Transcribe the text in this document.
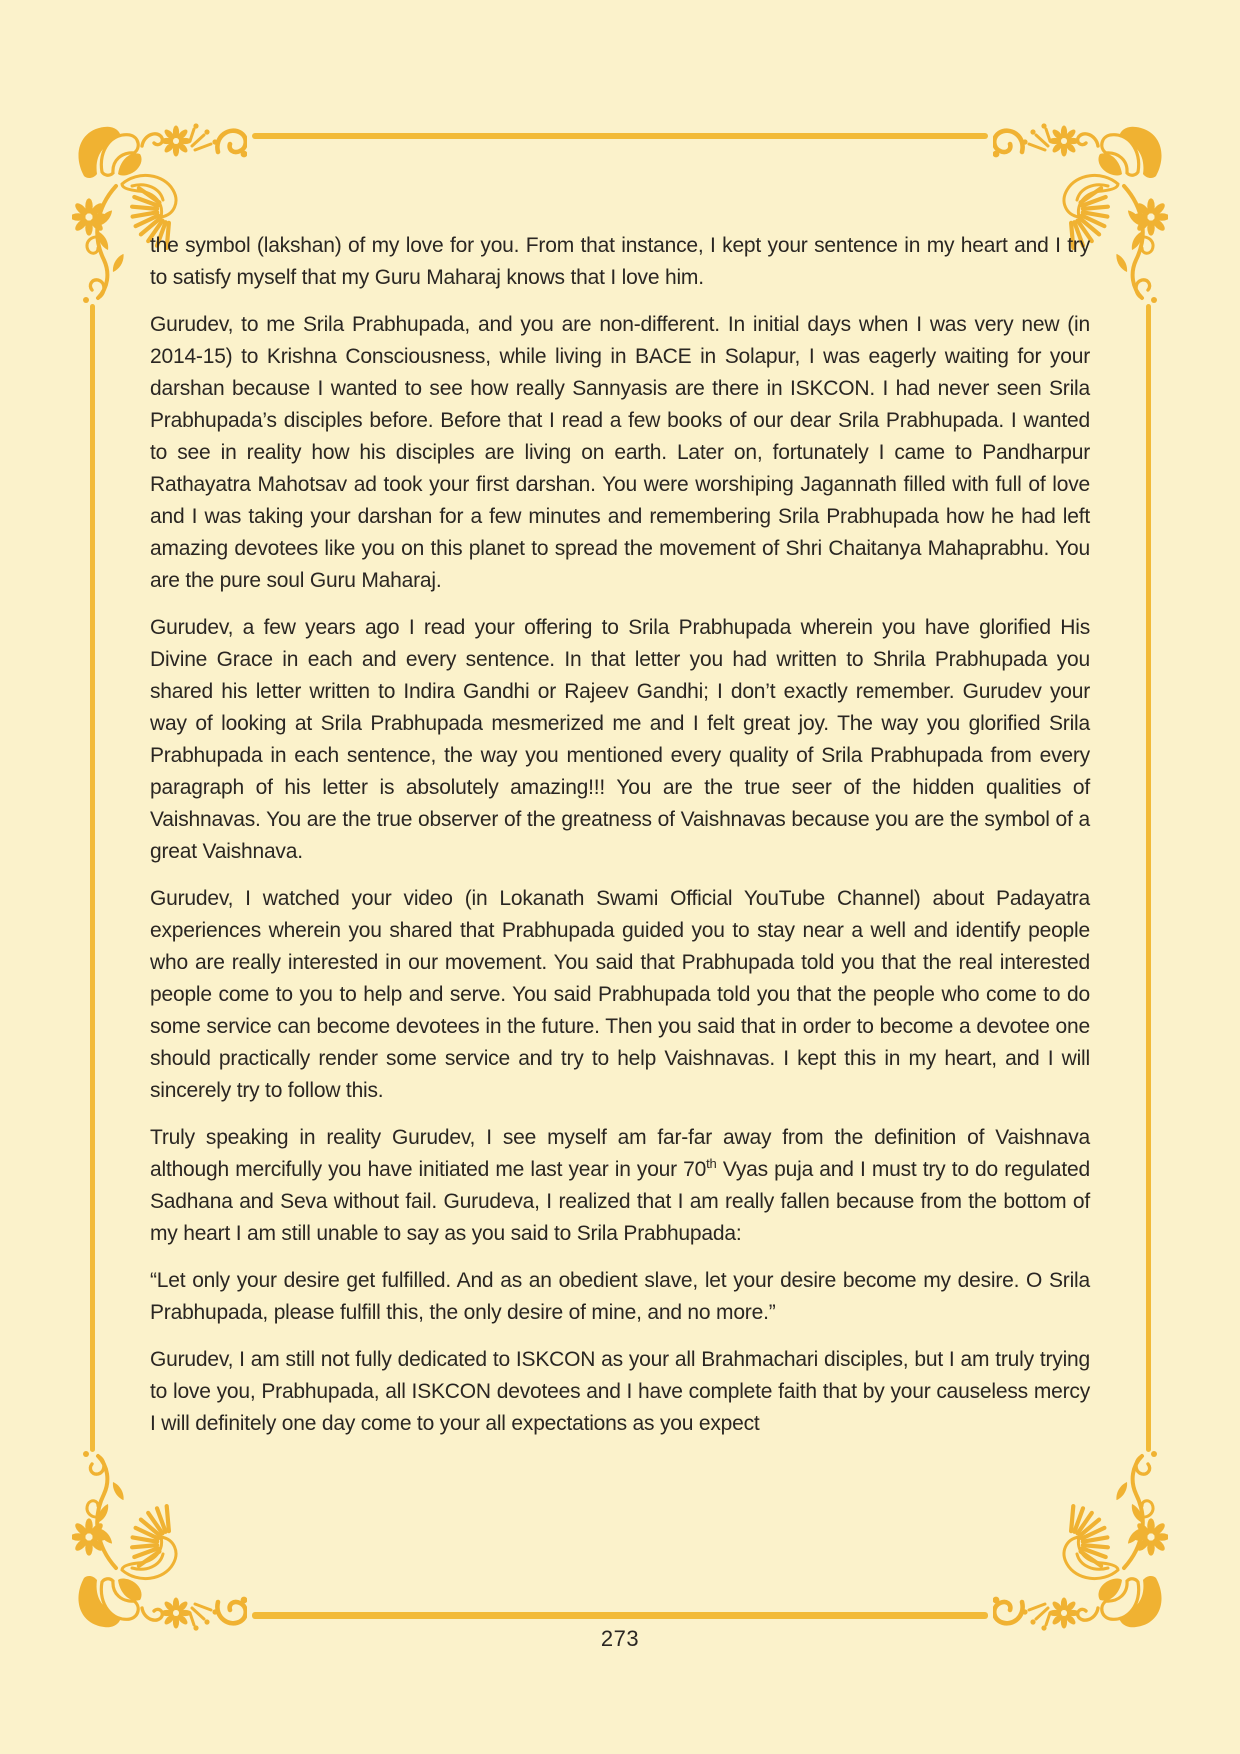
the symbol (lakshan) of my love for you. From that instance, I kept your sentence in my heart and I try to satisfy myself that my Guru Maharaj knows that I love him.

Gurudev, to me Srila Prabhupada, and you are non-different. In initial days when I was very new (in 2014-15) to Krishna Consciousness, while living in BACE in Solapur, I was eagerly waiting for your darshan because I wanted to see how really Sannyasis are there in ISKCON. I had never seen Srila Prabhupada’s disciples before. Before that I read a few books of our dear Srila Prabhupada. I wanted to see in reality how his disciples are living on earth. Later on, fortunately I came to Pandharpur Rathayatra Mahotsav ad took your first darshan. You were worshiping Jagannath filled with full of love and I was taking your darshan for a few minutes and remembering Srila Prabhupada how he had left amazing devotees like you on this planet to spread the movement of Shri Chaitanya Mahaprabhu. You are the pure soul Guru Maharaj.

Gurudev, a few years ago I read your offering to Srila Prabhupada wherein you have glorified His Divine Grace in each and every sentence. In that letter you had written to Shrila Prabhupada you shared his letter written to Indira Gandhi or Rajeev Gandhi; I don’t exactly remember. Gurudev your way of looking at Srila Prabhupada mesmerized me and I felt great joy. The way you glorified Srila Prabhupada in each sentence, the way you mentioned every quality of Srila Prabhupada from every paragraph of his letter is absolutely amazing!!! You are the true seer of the hidden qualities of Vaishnavas. You are the true observer of the greatness of Vaishnavas because you are the symbol of a great Vaishnava.

Gurudev, I watched your video (in Lokanath Swami Official YouTube Channel) about Padayatra experiences wherein you shared that Prabhupada guided you to stay near a well and identify people who are really interested in our movement. You said that Prabhupada told you that the real interested people come to you to help and serve. You said Prabhupada told you that the people who come to do some service can become devotees in the future. Then you said that in order to become a devotee one should practically render some service and try to help Vaishnavas. I kept this in my heart, and I will sincerely try to follow this.

Truly speaking in reality Gurudev, I see myself am far-far away from the definition of Vaishnava although mercifully you have initiated me last year in your 70th Vyas puja and I must try to do regulated Sadhana and Seva without fail. Gurudeva, I realized that I am really fallen because from the bottom of my heart I am still unable to say as you said to Srila Prabhupada:

“Let only your desire get fulfilled. And as an obedient slave, let your desire become my desire. O Srila Prabhupada, please fulfill this, the only desire of mine, and no more.”

Gurudev, I am still not fully dedicated to ISKCON as your all Brahmachari disciples, but I am truly trying to love you, Prabhupada, all ISKCON devotees and I have complete faith that by your causeless mercy I will definitely one day come to your all expectations as you expect

273
